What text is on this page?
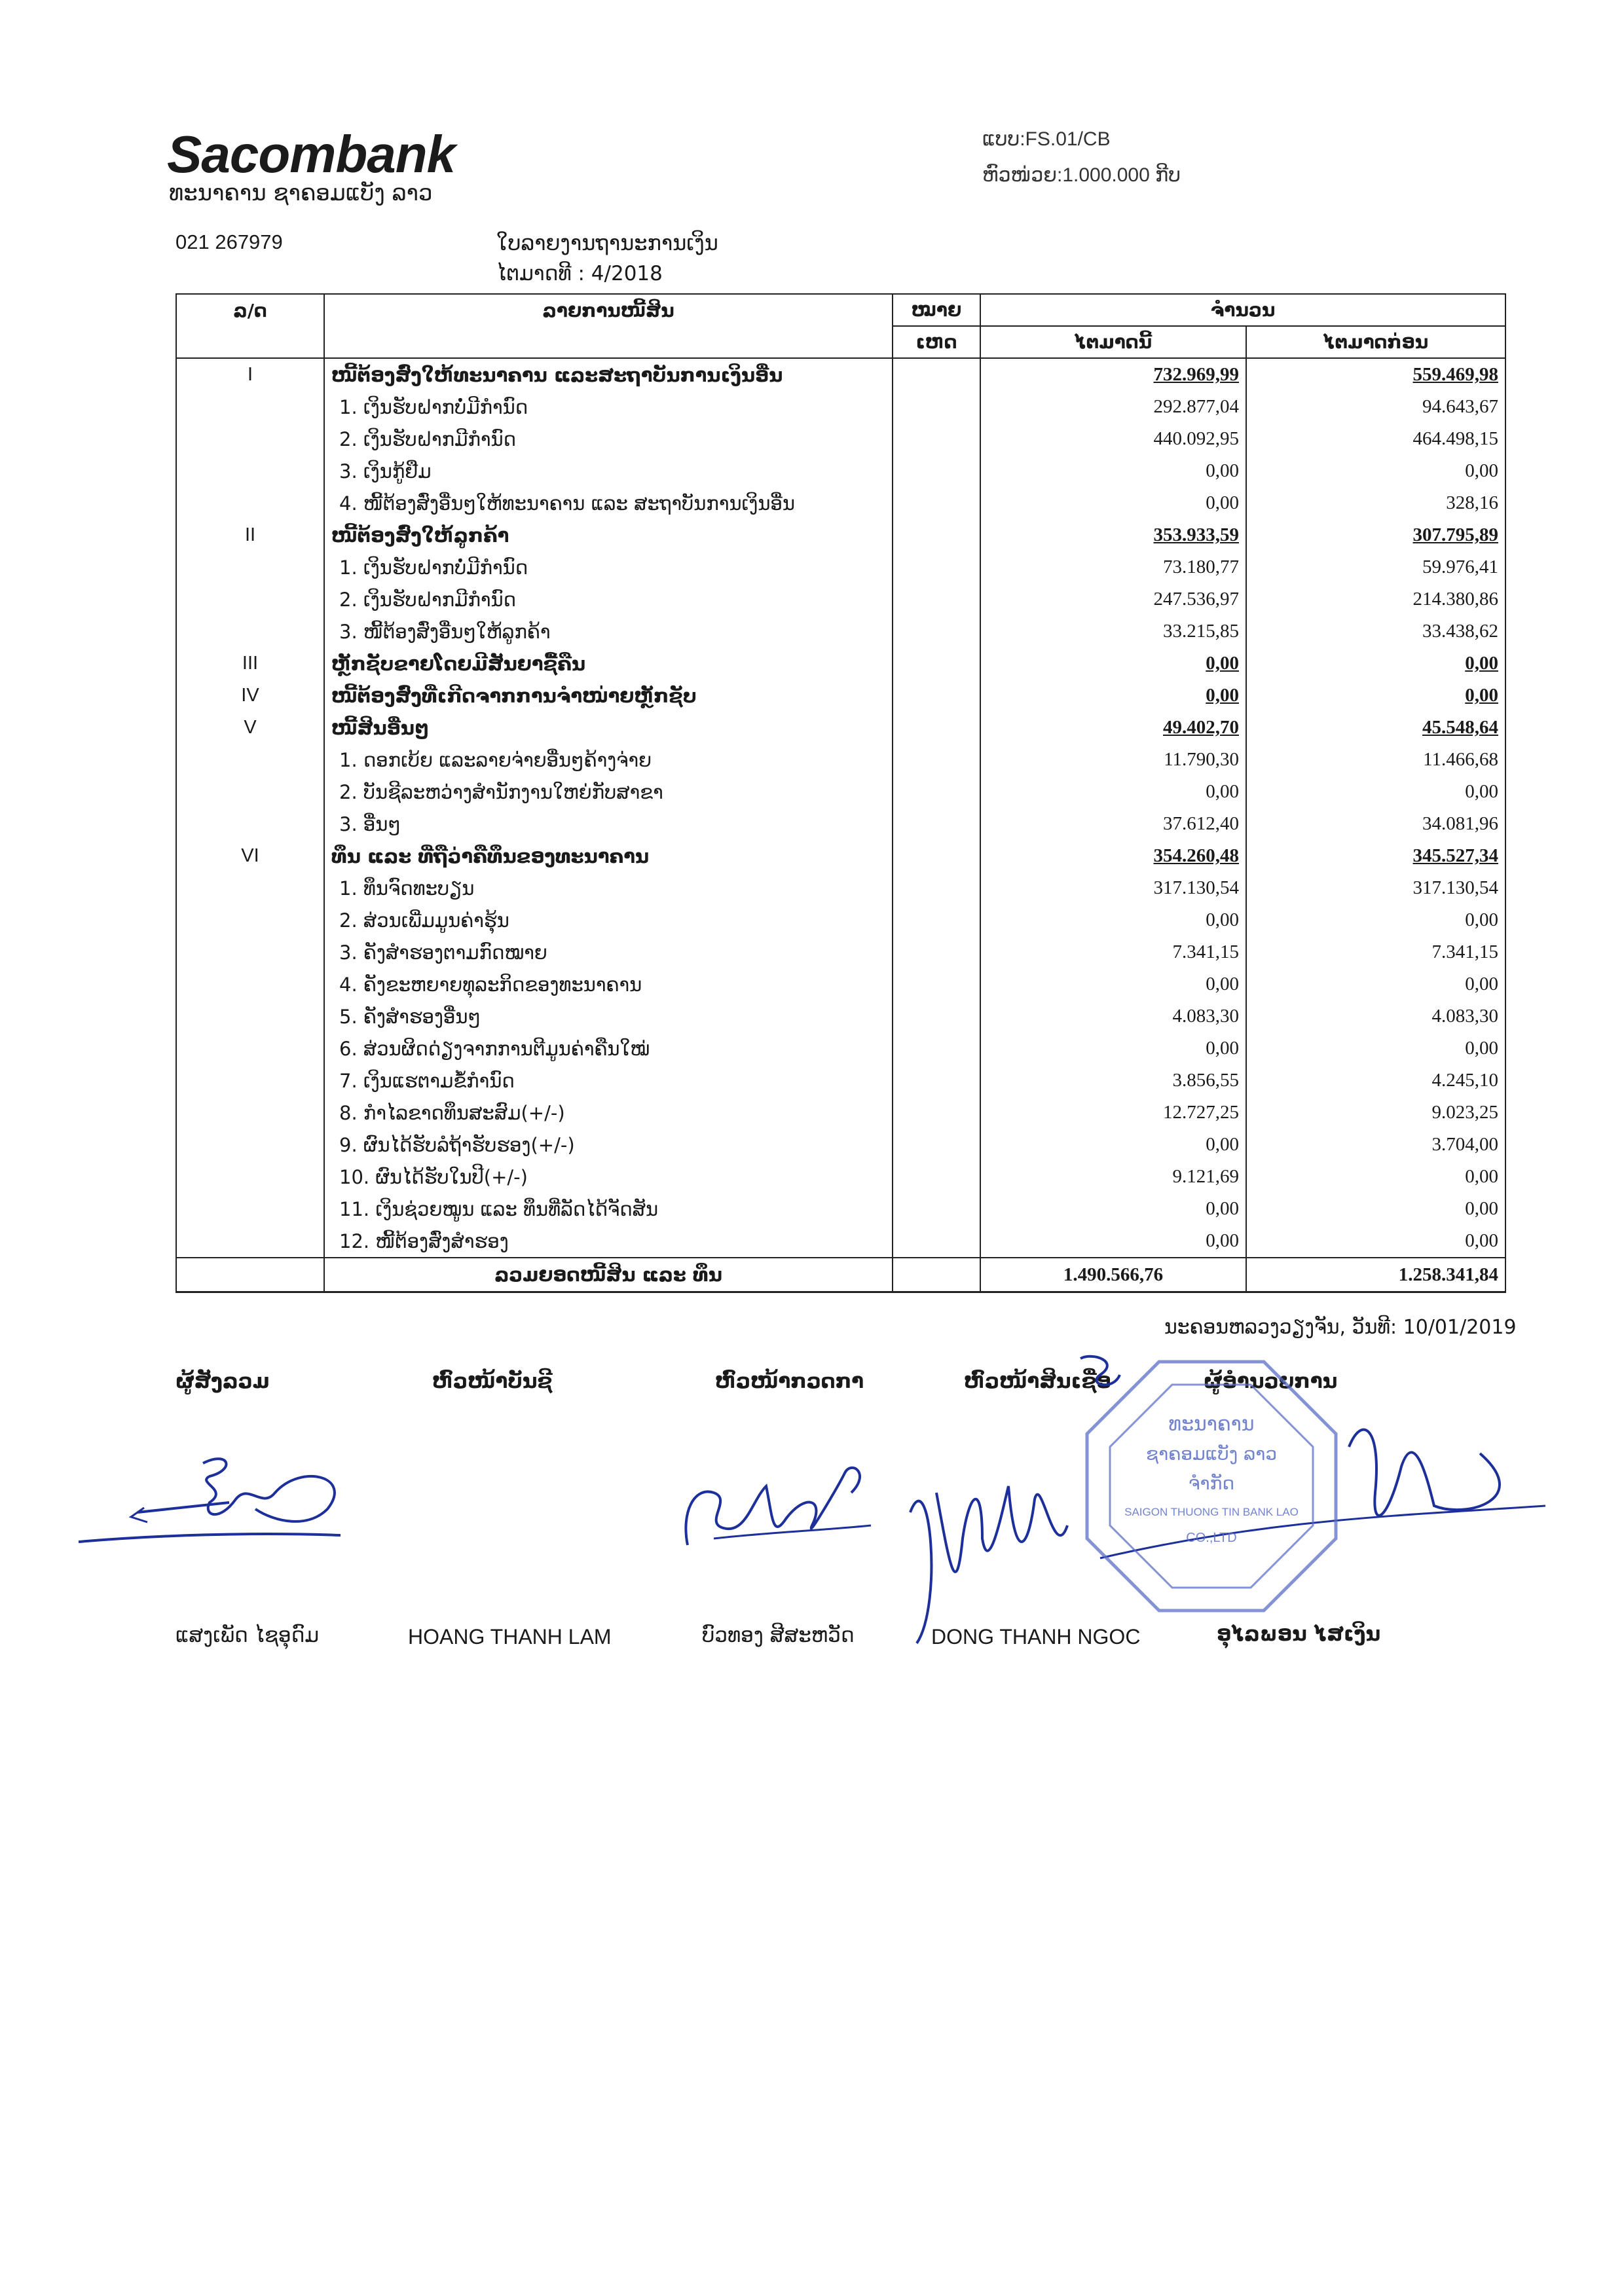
Sacombank
ທະນາຄານ ຊາຄອມແບັງ ລາວ
ແບບ:FS.01/CB
ຫົວໜ່ວຍ:1.000.000 ກີບ
021 267979	ໃບລາຍງານຖານະການເງິນ
ໄຕມາດທີ : 4/2018
ລ/ດ	ລາຍການໜີ້ສິນ	ໝາຍ	ຈຳນວນ	
		ເຫດ	ໄຕມາດນີ້	ໄຕມາດກ່ອນ
I	ໜີ້ຕ້ອງສົ່ງໃຫ້ທະນາຄານ ແລະສະຖາບັນການເງິນອື່ນ		732.969,99	559.469,98
	1. ເງິນຮັບຝາກບໍ່ມີກຳນົດ		292.877,04	94.643,67
	2. ເງິນຮັບຝາກມີກຳນົດ		440.092,95	464.498,15
	3. ເງິນກູ້ຢືມ		0,00	0,00
	4. ໜີ້ຕ້ອງສົ່ງອື່ນໆໃຫ້ທະນາຄານ ແລະ ສະຖາບັນການເງິນອື່ນ		0,00	328,16
II	ໜີ້ຕ້ອງສົ່ງໃຫ້ລູກຄ້າ		353.933,59	307.795,89
	1. ເງິນຮັບຝາກບໍ່ມີກຳນົດ		73.180,77	59.976,41
	2. ເງິນຮັບຝາກມີກຳນົດ		247.536,97	214.380,86
	3. ໜີ້ຕ້ອງສົ່ງອື່ນໆໃຫ້ລູກຄ້າ		33.215,85	33.438,62
III	ຫຼັກຊັບຂາຍໂດຍມີສັນຍາຊື້ຄືນ		0,00	0,00
IV	ໜີ້ຕ້ອງສົ່ງທີ່ເກີດຈາກການຈຳໜ່າຍຫຼັກຊັບ		0,00	0,00
V	ໜີ້ສິນອື່ນໆ		49.402,70	45.548,64
	1. ດອກເບ້ຍ ແລະລາຍຈ່າຍອື່ນໆຄ້າງຈ່າຍ		11.790,30	11.466,68
	2. ບັນຊີລະຫວ່າງສຳນັກງານໃຫຍ່ກັບສາຂາ		0,00	0,00
	3. ອື່ນໆ		37.612,40	34.081,96
VI	ທຶນ ແລະ ທີ່ຖືວ່າຄືທຶນຂອງທະນາຄານ		354.260,48	345.527,34
	1. ທຶນຈົດທະບຽນ		317.130,54	317.130,54
	2. ສ່ວນເພີ່ມມູນຄ່າຮຸ້ນ		0,00	0,00
	3. ຄັງສຳຮອງຕາມກົດໝາຍ		7.341,15	7.341,15
	4. ຄັງຂະຫຍາຍທຸລະກິດຂອງທະນາຄານ		0,00	0,00
	5. ຄັງສຳຮອງອື່ນໆ		4.083,30	4.083,30
	6. ສ່ວນຜິດດ່ຽງຈາກການຕີມູນຄ່າຄືນໃໝ່		0,00	0,00
	7. ເງິນແຮຕາມຂໍ້ກຳນົດ		3.856,55	4.245,10
	8. ກຳໄລຂາດທຶນສະສົມ(+/-)		12.727,25	9.023,25
	9. ຜົນໄດ້ຮັບລໍຖ້າຮັບຮອງ(+/-)		0,00	3.704,00
	10. ຜົນໄດ້ຮັບໃນປີ(+/-)		9.121,69	0,00
	11. ເງິນຊ່ວຍໝູນ ແລະ ທຶນທີ່ລັດໄດ້ຈັດສັນ		0,00	0,00
	12. ໜີ້ຕ້ອງສົ່ງສຳຮອງ		0,00	0,00
	ລວມຍອດໜີ້ສິນ ແລະ ທຶນ		1.490.566,76	1.258.341,84
ນະຄອນຫລວງວຽງຈັນ, ວັນທີ: 10/01/2019
ຜູ້ສັງລວມ	ຫົວໜ້າບັນຊີ	ຫົວໜ້າກວດກາ	ຫົວໜ້າສິນເຊື່ອ	ຜູ້ອຳນວຍການ
ທະນາຄານ
ຊາຄອມແບັງ ລາວ
ຈຳກັດ
SAIGON THUONG TIN BANK LAO
CO.,LTD
ແສງເພັດ ໄຊອຸດົມ	HOANG THANH LAM	ບົວທອງ ສີສະຫວັດ	DONG THANH NGOC	ອຸໄລພອນ ໄສເງິນ
